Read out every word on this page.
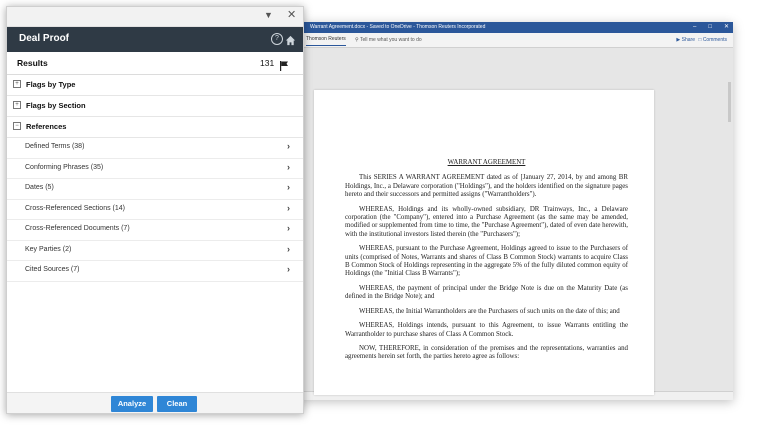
Warrant Agreement.docx - Saved to OneDrive - Thomson Reuters Incorporated	– □ ✕
Thomson Reuters ⚲ Tell me what you want to do	▶ Share □ Comments
WARRANT AGREEMENT

This SERIES A WARRANT AGREEMENT dated as of [January 27, 2014, by and among BR Holdings, Inc., a Delaware corporation ("Holdings"), and the holders identified on the signature pages hereto and their successors and permitted assigns ("Warrantholders").

WHEREAS, Holdings and its wholly-owned subsidiary, DR Trainways, Inc., a Delaware corporation (the "Company"), entered into a Purchase Agreement (as the same may be amended, modified or supplemented from time to time, the "Purchase Agreement"), dated of even date herewith, with the institutional investors listed therein (the "Purchasers");

WHEREAS, pursuant to the Purchase Agreement, Holdings agreed to issue to the Purchasers of units (comprised of Notes, Warrants and shares of Class B Common Stock) warrants to acquire Class B Common Stock of Holdings representing in the aggregate 5% of the fully diluted common equity of Holdings (the "Initial Class B Warrants");

WHEREAS, the payment of principal under the Bridge Note is due on the Maturity Date (as defined in the Bridge Note); and

WHEREAS, the Initial Warrantholders are the Purchasers of such units on the date of this; and

WHEREAS, Holdings intends, pursuant to this Agreement, to issue Warrants entitling the Warrantholder to purchase shares of Class A Common Stock.

NOW, THEREFORE, in consideration of the premises and the representations, warranties and agreements herein set forth, the parties hereto agree as follows:

▼ ✕
Deal Proof	?
Results	131
+ Flags by Type
+ Flags by Section
− References
Defined Terms (38)	›
Conforming Phrases (35)	›
Dates (5)	›
Cross-Referenced Sections (14)	›
Cross-Referenced Documents (7)	›
Key Parties (2)	›
Cited Sources (7)	›
Analyze	Clean
